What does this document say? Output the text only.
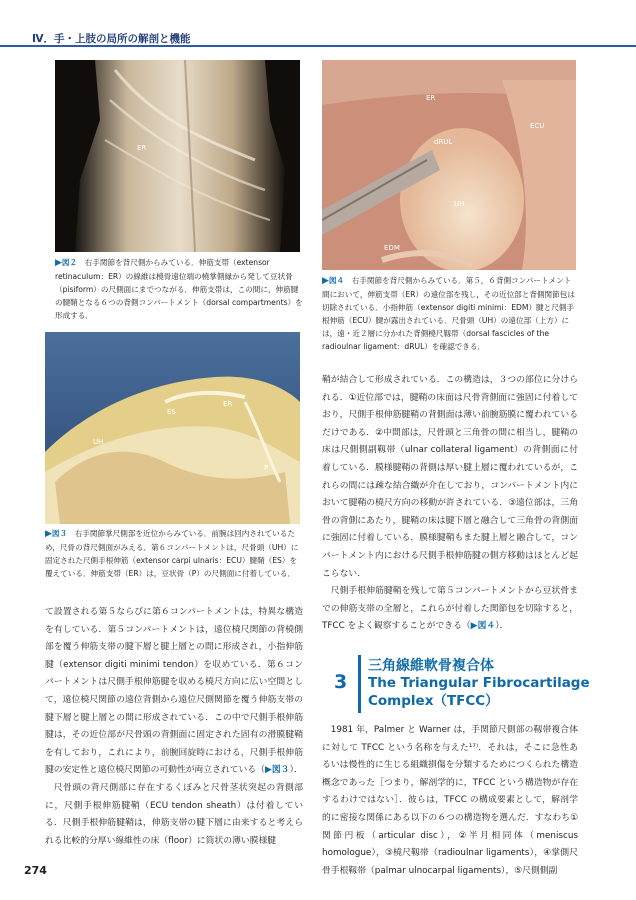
Ⅳ．手・上肢の局所の解剖と機能
ER
▶図２　 右手関節を背尺側からみている．伸筋支帯（extensor retinaculum：ER）の線維は橈骨遠位端の橈掌側縁から発して豆状骨（pisiform）の尺側面にまでつながる．伸筋支帯は，この間に，伸筋腱の腱鞘となる６つの背側コンパートメント（dorsal compartments）を形成する．
ER
ECU
dRUL
UH
EDM
▶図４　 右手関節を背尺側からみている．第５，６背側コンパートメント間において，伸筋支帯（ER）の遠位部を残し，その近位部と背側関節包は切除されている．小指伸筋（extensor digiti minimi：EDM）腱と尺側手根伸筋（ECU）腱が露出されている．尺骨頭（UH）の遠位部（上方）には，遠・近２層に分かれた背側橈尺靱帯（dorsal fascicles of the radioulnar ligament：dRUL）を確認できる．
ER
ES
UH
P
▶図３　 右手関節掌尺側部を近位からみている．前腕は回内されているため，尺骨の背尺側面がみえる．第６コンパートメントは，尺骨頭（UH）に固定された尺側手根伸筋（extensor carpi ulnaris：ECU）腱鞘（ES）を覆えている．伸筋支帯（ER）は，豆状骨（P）の尺側面に付着している．

て設置される第５ならびに第６コンパートメントは，特異な構造を有している．第５コンパートメントは，遠位橈尺関節の背橈側部を覆う伸筋支帯の腱下層と腱上層との間に形成され，小指伸筋腱（extensor digiti minimi tendon）を収めている．第６コンパートメントは尺側手根伸筋腱を収める橈尺方向に広い空間として，遠位橈尺関節の遠位背側から遠位尺側関節を覆う伸筋支帯の腱下層と腱上層との間に形成されている．この中で尺側手根伸筋腱は，その近位部が尺骨頭の背側面に固定された固有の滑膜腱鞘を有しており，これにより，前腕回旋時における，尺側手根伸筋腱の安定性と遠位橈尺関節の可動性が両立されている（▶図３）．

尺骨頭の背尺側部に存在するくぼみと尺骨茎状突起の背側部に，尺側手根伸筋腱鞘（ECU tendon sheath）は付着している．尺側手根伸筋腱鞘は，伸筋支帯の腱下層に由来すると考えられる比較的分厚い線維性の床（floor）に筒状の薄い膜様腱

鞘が結合して形成されている．この構造は，３つの部位に分けられる．①近位部では，腱鞘の床面は尺骨背側面に強固に付着しており，尺側手根伸筋腱鞘の背側面は薄い前腕筋膜に覆われているだけである．②中間部は，尺骨頭と三角骨の間に相当し，腱鞘の床は尺側側副靱帯（ulnar collateral ligament）の背側面に付着している．膜様腱鞘の背側は厚い腱上層に覆われているが，これらの間には疎な結合織が介在しており，コンパートメント内において腱鞘の橈尺方向の移動が許されている．③遠位部は，三角骨の背側にあたり，腱鞘の床は腱下層と融合して三角骨の背側面に強固に付着している．膜様腱鞘もまた腱上層と融合して，コンパートメント内における尺側手根伸筋腱の側方移動はほとんど起こらない．

尺側手根伸筋腱鞘を残して第５コンパートメントから豆状骨までの伸筋支帯の全層と，これらが付着した関節包を切除すると，TFCC をよく観察することができる（▶図４）．

3
三角線維軟骨複合体
The Triangular Fibrocartilage
Complex（TFCC）

1981 年，Palmer と Warner は，手関節尺側部の靱帯複合体に対して TFCC という名称を与えた¹⁷⁾．それは，そこに急性あるいは慢性的に生じる組織損傷を分類するためにつくられた構造概念であった［つまり，解剖学的に，TFCC という構造物が存在するわけではない］．彼らは，TFCC の構成要素として，解剖学的に密接な関係にある以下の６つの構造物を選んだ．すなわち①関節円板（articular disc），②半月相同体（meniscus homologue），③橈尺靱帯（radioulnar ligaments），④掌側尺骨手根靱帯（palmar ulnocarpal ligaments），⑤尺側側副

274
